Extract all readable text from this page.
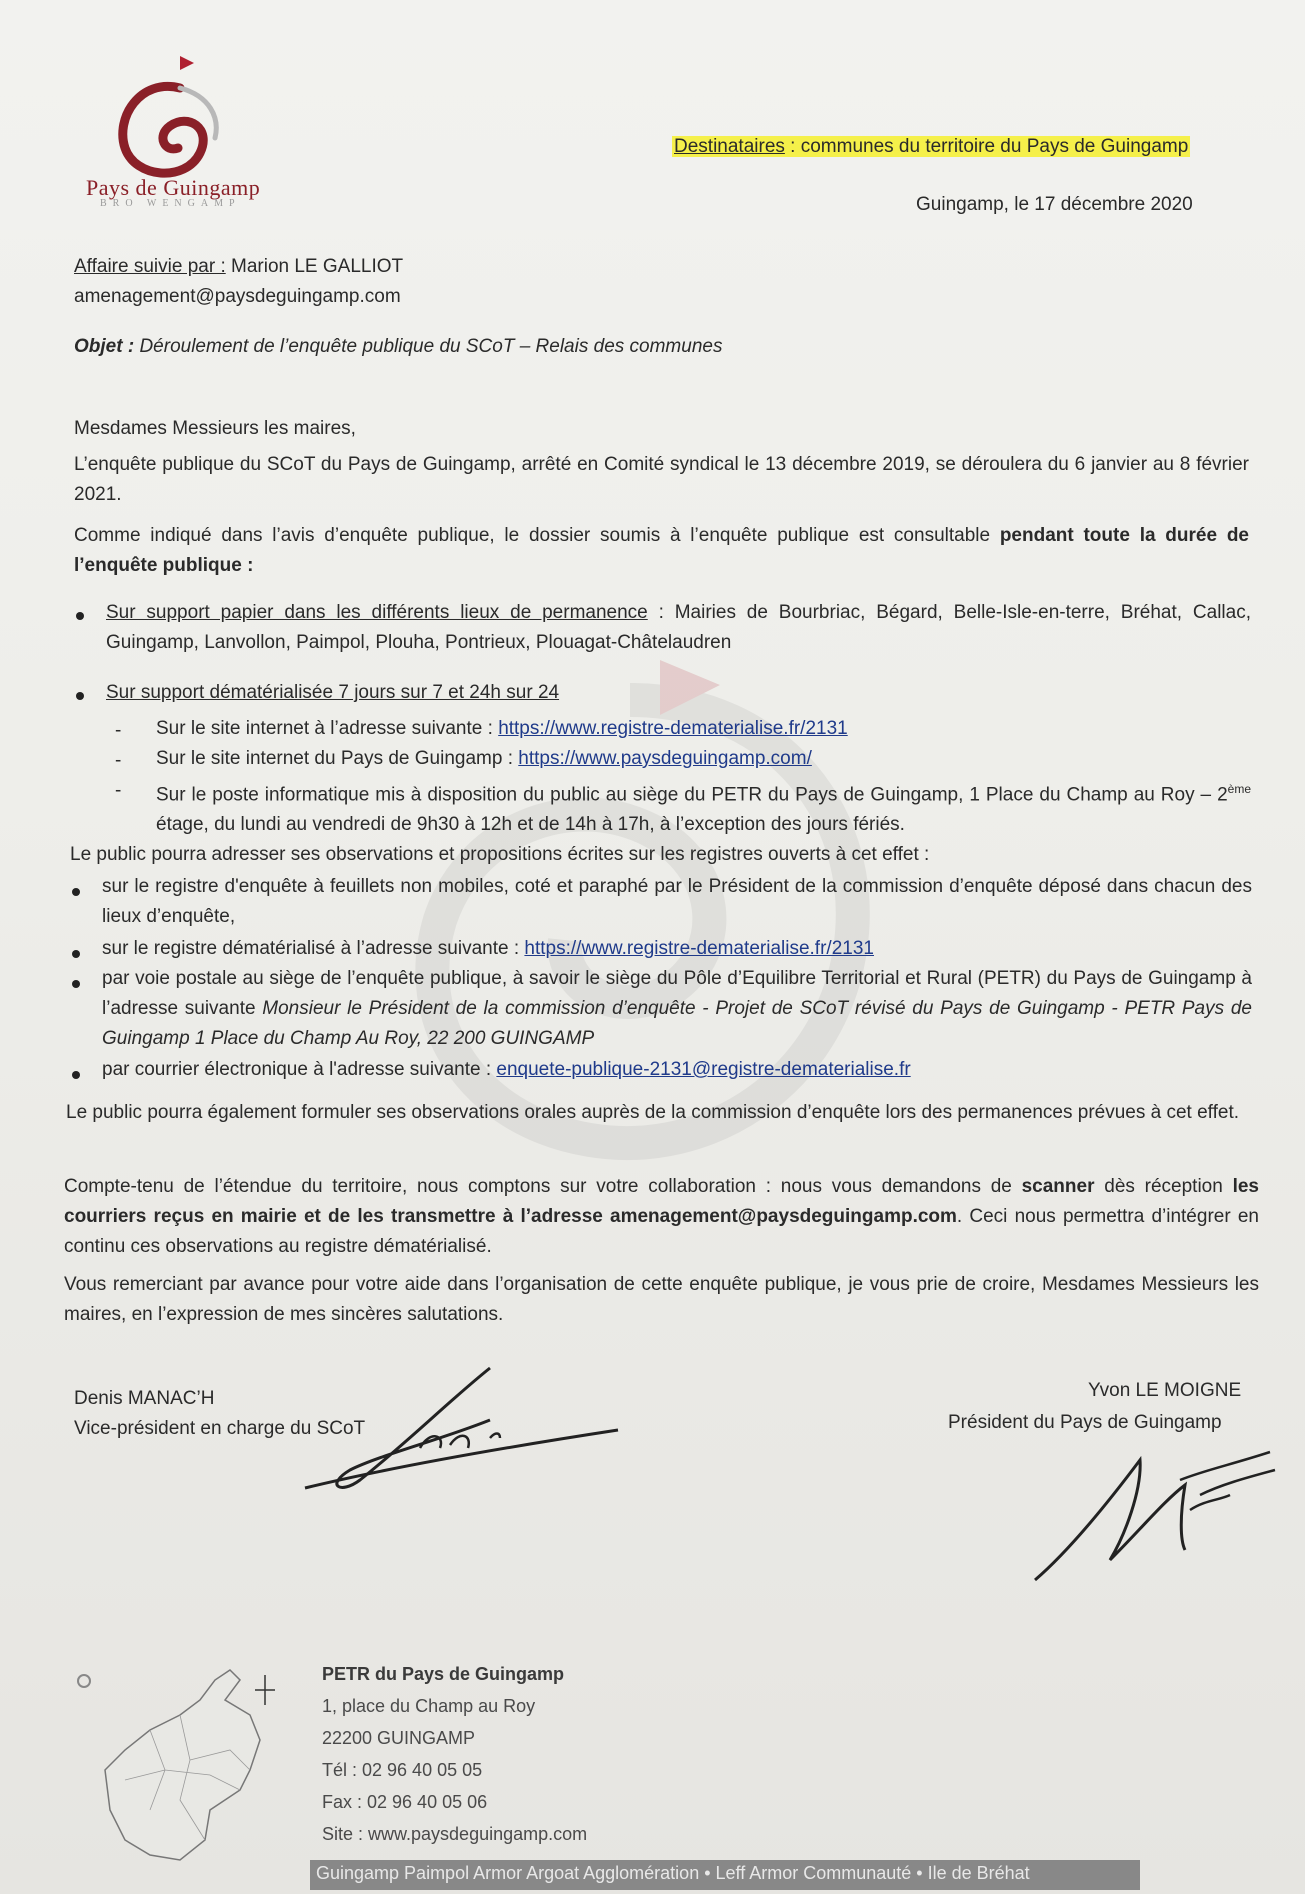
Pays de Guingamp
BRO WENGAMP
Destinataires : communes du territoire du Pays de Guingamp
Guingamp, le 17 décembre 2020
Affaire suivie par : Marion LE GALLIOT
amenagement@paysdeguingamp.com
Objet : Déroulement de l’enquête publique du SCoT – Relais des communes
Mesdames Messieurs les maires,
L’enquête publique du SCoT du Pays de Guingamp, arrêté en Comité syndical le 13 décembre 2019, se déroulera du 6 janvier au 8 février 2021.
Comme indiqué dans l’avis d’enquête publique, le dossier soumis à l’enquête publique est consultable pendant toute la durée de l’enquête publique :
Sur support papier dans les différents lieux de permanence : Mairies de Bourbriac, Bégard, Belle-Isle-en-terre, Bréhat, Callac, Guingamp, Lanvollon, Paimpol, Plouha, Pontrieux, Plouagat-Châtelaudren
Sur support dématérialisée 7 jours sur 7 et 24h sur 24
- Sur le site internet à l’adresse suivante : https://www.registre-dematerialise.fr/2131
- Sur le site internet du Pays de Guingamp : https://www.paysdeguingamp.com/
- Sur le poste informatique mis à disposition du public au siège du PETR du Pays de Guingamp, 1 Place du Champ au Roy – 2ème étage, du lundi au vendredi de 9h30 à 12h et de 14h à 17h, à l’exception des jours fériés.
Le public pourra adresser ses observations et propositions écrites sur les registres ouverts à cet effet :
sur le registre d'enquête à feuillets non mobiles, coté et paraphé par le Président de la commission d’enquête déposé dans chacun des lieux d’enquête,
sur le registre dématérialisé à l’adresse suivante : https://www.registre-dematerialise.fr/2131
par voie postale au siège de l’enquête publique, à savoir le siège du Pôle d’Equilibre Territorial et Rural (PETR) du Pays de Guingamp à l’adresse suivante Monsieur le Président de la commission d’enquête - Projet de SCoT révisé du Pays de Guingamp - PETR Pays de Guingamp 1 Place du Champ Au Roy, 22 200 GUINGAMP
par courrier électronique à l'adresse suivante : enquete-publique-2131@registre-dematerialise.fr
Le public pourra également formuler ses observations orales auprès de la commission d’enquête lors des permanences prévues à cet effet.
Compte-tenu de l’étendue du territoire, nous comptons sur votre collaboration : nous vous demandons de scanner dès réception les courriers reçus en mairie et de les transmettre à l’adresse amenagement@paysdeguingamp.com. Ceci nous permettra d’intégrer en continu ces observations au registre dématérialisé.
Vous remerciant par avance pour votre aide dans l’organisation de cette enquête publique, je vous prie de croire, Mesdames Messieurs les maires, en l’expression de mes sincères salutations.
Denis MANAC’H
Vice-président en charge du SCoT
Yvon LE MOIGNE
Président du Pays de Guingamp
PETR du Pays de Guingamp
1, place du Champ au Roy
22200 GUINGAMP
Tél : 02 96 40 05 05
Fax : 02 96 40 05 06
Site : www.paysdeguingamp.com
Guingamp Paimpol Armor Argoat Agglomération • Leff Armor Communauté • Ile de Bréhat
